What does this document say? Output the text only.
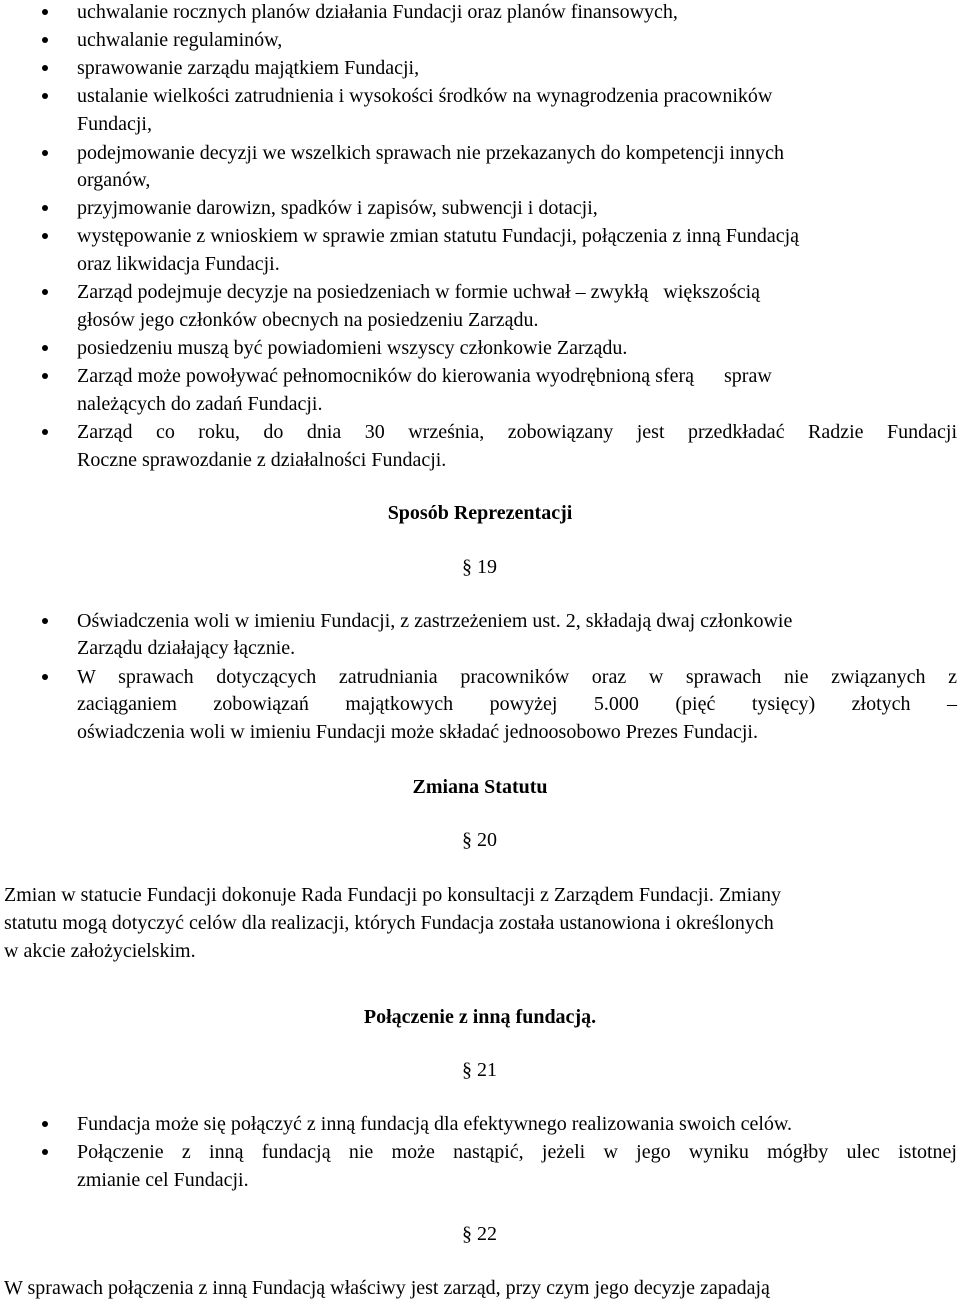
uchwalanie rocznych planów działania Fundacji oraz planów finansowych,
uchwalanie regulaminów,
sprawowanie zarządu majątkiem Fundacji,
ustalanie wielkości zatrudnienia i wysokości środków na wynagrodzenia pracowników
Fundacji,
podejmowanie decyzji we wszelkich sprawach nie przekazanych do kompetencji innych
organów,
przyjmowanie darowizn, spadków i zapisów, subwencji i dotacji,
występowanie z wnioskiem w sprawie zmian statutu Fundacji, połączenia z inną Fundacją
oraz likwidacja Fundacji.
Zarząd podejmuje decyzje na posiedzeniach w formie uchwał – zwykłą   większością
głosów jego członków obecnych na posiedzeniu Zarządu.
posiedzeniu muszą być powiadomieni wszyscy członkowie Zarządu.
Zarząd może powoływać pełnomocników do kierowania wyodrębnioną sferą      spraw
należących do zadań Fundacji.
Zarząd co roku, do dnia 30 września, zobowiązany jest przedkładać Radzie Fundacji
Roczne sprawozdanie z działalności Fundacji.
Sposób Reprezentacji
§ 19
Oświadczenia woli w imieniu Fundacji, z zastrzeżeniem ust. 2, składają dwaj członkowie
Zarządu działający łącznie.
W sprawach dotyczących zatrudniania pracowników oraz w sprawach nie związanych z
zaciąganiem zobowiązań majątkowych powyżej 5.000 (pięć tysięcy) złotych –
oświadczenia woli w imieniu Fundacji może składać jednoosobowo Prezes Fundacji.
Zmiana Statutu
§ 20
Zmian w statucie Fundacji dokonuje Rada Fundacji po konsultacji z Zarządem Fundacji. Zmiany
statutu mogą dotyczyć celów dla realizacji, których Fundacja została ustanowiona i określonych
w akcie założycielskim.
Połączenie z inną fundacją.
§ 21
Fundacja może się połączyć z inną fundacją dla efektywnego realizowania swoich celów.
Połączenie z inną fundacją nie może nastąpić, jeżeli w jego wyniku mógłby ulec istotnej
zmianie cel Fundacji.
§ 22
W sprawach połączenia z inną Fundacją właściwy jest zarząd, przy czym jego decyzje zapadają
